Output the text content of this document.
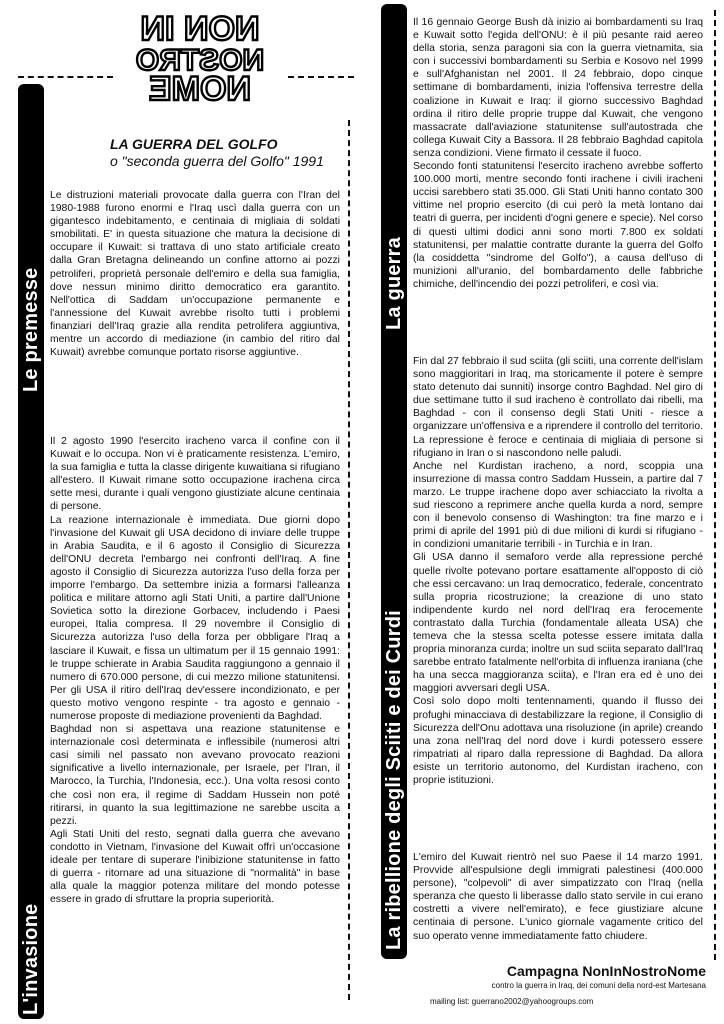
NON IN
NOSTRO
NOME
Le premesse
L'invasione
La guerra
La ribellione degli Sciiti e dei Curdi
LA GUERRA DEL GOLFO
o "seconda guerra del Golfo" 1991

Le distruzioni materiali provocate dalla guerra con l'Iran del 1980-1988 furono enormi e l'Iraq uscì dalla guerra con un gigantesco indebitamento, e centinaia di migliaia di soldati smobilitati. E' in questa situazione che matura la decisione di occupare il Kuwait: si trattava di uno stato artificiale creato dalla Gran Bretagna delineando un confine attorno ai pozzi petroliferi, proprietà personale dell'emiro e della sua famiglia, dove nessun minimo diritto democratico era garantito. Nell'ottica di Saddam un'occupazione permanente e l'annessione del Kuwait avrebbe risolto tutti i problemi finanziari dell'Iraq grazie alla rendita petrolifera aggiuntiva, mentre un accordo di mediazione (in cambio del ritiro dal Kuwait) avrebbe comunque portato risorse aggiuntive.

Il 2 agosto 1990 l'esercito iracheno varca il confine con il Kuwait e lo occupa. Non vi è praticamente resistenza. L'emiro, la sua famiglia e tutta la classe dirigente kuwaitiana si rifugiano all'estero. Il Kuwait rimane sotto occupazione irachena circa sette mesi, durante i quali vengono giustiziate alcune centinaia di persone.

La reazione internazionale è immediata. Due giorni dopo l'invasione del Kuwait gli USA decidono di inviare delle truppe in Arabia Saudita, e il 6 agosto il Consiglio di Sicurezza dell'ONU decreta l'embargo nei confronti dell'Iraq. A fine agosto il Consiglio di Sicurezza autorizza l'uso della forza per imporre l'embargo. Da settembre inizia a formarsi l'alleanza politica e militare attorno agli Stati Uniti, a partire dall'Unione Sovietica sotto la direzione Gorbacev, includendo i Paesi europei, Italia compresa. Il 29 novembre il Consiglio di Sicurezza autorizza l'uso della forza per obbligare l'Iraq a lasciare il Kuwait, e fissa un ultimatum per il 15 gennaio 1991: le truppe schierate in Arabia Saudita raggiungono a gennaio il numero di 670.000 persone, di cui mezzo milione statunitensi. Per gli USA il ritiro dell'Iraq dev'essere incondizionato, e per questo motivo vengono respinte - tra agosto e gennaio - numerose proposte di mediazione provenienti da Baghdad.

Baghdad non si aspettava una reazione statunitense e internazionale così determinata e inflessibile (numerosi altri casi simili nel passato non avevano provocato reazioni significative a livello internazionale, per Israele, per l'Iran, il Marocco, la Turchia, l'Indonesia, ecc.). Una volta resosi conto che così non era, il regime di Saddam Hussein non poté ritirarsi, in quanto la sua legittimazione ne sarebbe uscita a pezzi.

Agli Stati Uniti del resto, segnati dalla guerra che avevano condotto in Vietnam, l'invasione del Kuwait offrì un'occasione ideale per tentare di superare l'inibizione statunitense in fatto di guerra - ritornare ad una situazione di "normalità" in base alla quale la maggior potenza militare del mondo potesse essere in grado di sfruttare la propria superiorità.

Il 16 gennaio George Bush dà inizio ai bombardamenti su Iraq e Kuwait sotto l'egida dell'ONU: è il più pesante raid aereo della storia, senza paragoni sia con la guerra vietnamita, sia con i successivi bombardamenti su Serbia e Kosovo nel 1999 e sull'Afghanistan nel 2001. Il 24 febbraio, dopo cinque settimane di bombardamenti, inizia l'offensiva terrestre della coalizione in Kuwait e Iraq: il giorno successivo Baghdad ordina il ritiro delle proprie truppe dal Kuwait, che vengono massacrate dall'aviazione statunitense sull'autostrada che collega Kuwait City a Bassora. Il 28 febbraio Baghdad capitola senza condizioni. Viene firmato il cessate il fuoco.

Secondo fonti statunitensi l'esercito iracheno avrebbe sofferto 100.000 morti, mentre secondo fonti irachene i civili iracheni uccisi sarebbero stati 35.000. Gli Stati Uniti hanno contato 300 vittime nel proprio esercito (di cui però la metà lontano dai teatri di guerra, per incidenti d'ogni genere e specie). Nel corso di questi ultimi dodici anni sono morti 7.800 ex soldati statunitensi, per malattie contratte durante la guerra del Golfo (la cosiddetta "sindrome del Golfo"), a causa dell'uso di munizioni all'uranio, del bombardamento delle fabbriche chimiche, dell'incendio dei pozzi petroliferi, e così via.

Fin dal 27 febbraio il sud sciita (gli sciiti, una corrente dell'islam sono maggioritari in Iraq, ma storicamente il potere è sempre stato detenuto dai sunniti) insorge contro Baghdad. Nel giro di due settimane tutto il sud iracheno è controllato dai ribelli, ma Baghdad - con il consenso degli Stati Uniti - riesce a organizzare un'offensiva e a riprendere il controllo del territorio. La repressione è feroce e centinaia di migliaia di persone si rifugiano in Iran o si nascondono nelle paludi.

Anche nel Kurdistan iracheno, a nord, scoppia una insurrezione di massa contro Saddam Hussein, a partire dal 7 marzo. Le truppe irachene dopo aver schiacciato la rivolta a sud riescono a reprimere anche quella kurda a nord, sempre con il benevolo consenso di Washington: tra fine marzo e i primi di aprile del 1991 più di due milioni di kurdi si rifugiano - in condizioni umanitarie terribili - in Turchia e in Iran.

Gli USA danno il semaforo verde alla repressione perché quelle rivolte potevano portare esattamente all'opposto di ciò che essi cercavano: un Iraq democratico, federale, concentrato sulla propria ricostruzione; la creazione di uno stato indipendente kurdo nel nord dell'Iraq era ferocemente contrastato dalla Turchia (fondamentale alleata USA) che temeva che la stessa scelta potesse essere imitata dalla propria minoranza curda; inoltre un sud sciita separato dall'Iraq sarebbe entrato fatalmente nell'orbita di influenza iraniana (che ha una secca maggioranza sciita), e l'Iran era ed è uno dei maggiori avversari degli USA.

Così solo dopo molti tentennamenti, quando il flusso dei profughi minacciava di destabilizzare la regione, il Consiglio di Sicurezza dell'Onu adottava una risoluzione (in aprile) creando una zona nell'Iraq del nord dove i kurdi potessero essere rimpatriati al riparo dalla repressione di Baghdad. Da allora esiste un territorio autonomo, del Kurdistan iracheno, con proprie istituzioni.

L'emiro del Kuwait rientrò nel suo Paese il 14 marzo 1991. Provvide all'espulsione degli immigrati palestinesi (400.000 persone), "colpevoli" di aver simpatizzato con l'Iraq (nella speranza che questo li liberasse dallo stato servile in cui erano costretti a vivere nell'emirato), e fece giustiziare alcune centinaia di persone. L'unico giornale vagamente critico del suo operato venne immediatamente fatto chiudere.

Campagna NonInNostroNome
contro la guerra in Iraq, dei comuni della nord-est Martesana
mailing list: guerrano2002@yahoogroups.com
